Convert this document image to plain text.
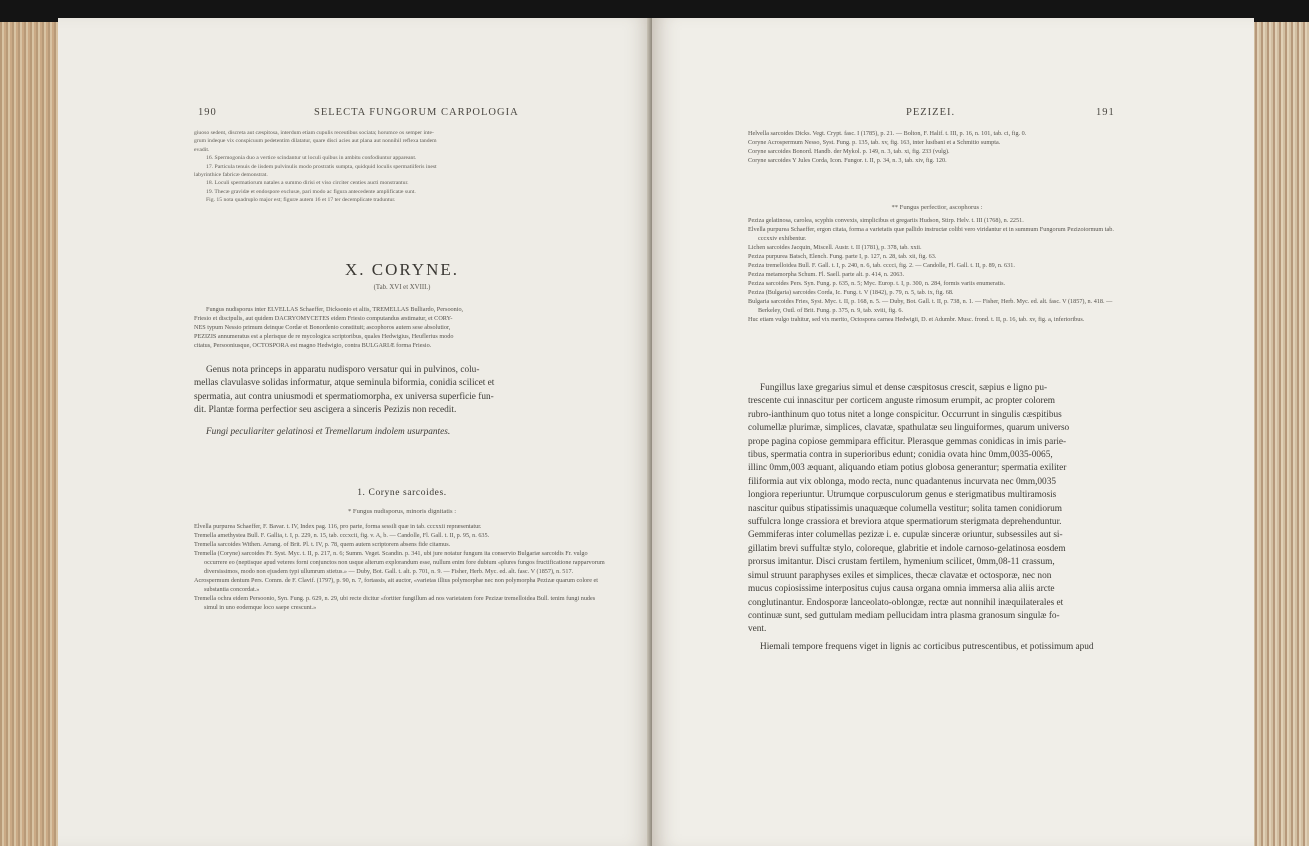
190	SELECTA FUNGORUM CARPOLOGIA

giuoso sedent, discreta aut cæspitosa, interdum etiam cupulis receutibus sociata; horumce os semper inte-

grum indeque vix conspicuum pedetentim dilatatur, quare disci acies aut plana aut nonnihil reflexa tandem

evadit.

16. Spermogonia duo a vertice scindantur ut loculi quibus in ambitu confodiuntur appareant.

17. Particula tenuis de iisdem pulvinulis modo prostratis sumpta, quidquid loculis spermatiiferis inest

labyrinthice fabricæ demonstrat.

18. Loculi spermatiorum natales a summo dirisi et viso circiter centies aucti monstrantur.

19. Thecæ gravidæ et endospore exclusæ, pari modo ac figura antecedente amplificatæ sunt.

Fig. 15 nota quadruplo major est; figuræ autem 16 et 17 ter decemplicate traduntur.

X. CORYNE.
(Tab. XVI et XVIII.)

Fungus nudisporus inter ELVELLAS Schaeffer, Dicksonio et aliis, TREMELLAS Bulliardo, Persoonio,

Friesio et discipulis, aut quidem DACRYOMYCETES eidem Friesio computandus æstimatur, et CORY-

NES typum Nessio primum deinque Cordæ et Bonordenio constituit; ascophoros autem sese absolutior,

PEZIZIS annumeratus est a plerisque de re mycologica scriptoribus, quales Hedwigius, Heuflerius modo

citatus, Persooniusque, OCTOSPORA est magno Hedwigio, contra BULGARIÆ forma Friesio.

Genus nota princeps in apparatu nudisporo versatur qui in pulvinos, colu-

mellas clavulasve solidas informatur, atque seminula biformia, conidia scilicet et

spermatia, aut contra uniusmodi et spermatiomorpha, ex universa superficie fun-

dit. Plantæ forma perfectior seu ascigera a sinceris Pezizis non recedit.

Fungi peculiariter gelatinosi et Tremellarum indolem usurpantes.

1. Coryne sarcoides.
* Fungus nudisporus, minoris dignitatis :

Elvella purpurea Schaeffer, F. Bavar. t. IV, Index pag. 116, pro parte, forma sessili quæ in tab. cccxxii repræsentatur.

Tremella amethystea Bull. F. Gallia, t. I, p. 229, n. 15, tab. cccxcii, fig. v. A, b. — Candolle, Fl. Gall. t. II, p. 95, n. 635.

Tremella sarcoides Withen. Arrang. of Brit. Pl. t. IV, p. 78, quem autem scriptorem absens fide citamus.

Tremella (Coryne) sarcoides Fr. Syst. Myc. t. II, p. 217, n. 6; Summ. Veget. Scandin. p. 341, ubi jure notatur fungum ita conservio Bulgariæ sarcoidis Fr. vulgo occurrere eo (neptisque apud veteres forni conjunctos non usque alterum explorandum esse, nullum enim fore dubium «plures fungos fructificatione rapparvorum diversissimos, modo non ejusdem typi ullumrum stietus.» — Duby, Bot. Gall. t. alt. p. 701, n. 9. — Fisher, Herb. Myc. ed. alt. fasc. V (1857), n. 517.

Acrospermum dentum Pers. Comm. de F. Clavif. (1797), p. 90, n. 7, fortassis, ait auctor, «varietas illius polymorphæ nec non polymorpha Pezizæ quarum colore et substantia concordat.»

Tremella ochra eidem Persoonio, Syn. Fung. p. 629, n. 29, ubi recte dicitur «fortiter fungillum ad nos varietatem fore Pezizæ tremelloidea Bull. tenim fungi nudes simul in uno eodemque loco saepe crescunt.»

PEZIZEI.	191

Helvella sarcoides Dicks. Vegt. Crypt. fasc. I (1785), p. 21. — Bolton, F. Halif. t. III, p. 16, n. 101, tab. ci, fig. 0.

Coryne Acrospermum Nesso, Syst. Fung. p. 135, tab. xv, fig. 163, inter lusibani et a Schmitio sumpta.

Coryne sarcoides Bonord. Handb. der Mykol. p. 149, n. 3, tab. xi, fig. 233 (vulg).

Coryne sarcoides Y Jules Corda, Icon. Fungor. t. II, p. 34, n. 3, tab. xiv, fig. 120.

** Fungus perfectior, ascophorus :

Peziza gelatinosa, carolea, scyphis convexis, simplicibus et gregariis Hudson, Stirp. Helv. t. III (1768), n. 2251.

Elvella purpurea Schaeffer, ergon citata, forma a varietatis quæ pallido instructæ colibi vero viridantur et in summum Fungorum Pezizoiormum tab. cccxxiv exhibentur.

Lichen sarcoides Jacquin, Miscell. Austr. t. II (1781), p. 378, tab. xxii.

Peziza purpurea Batsch, Elench. Fung. parte I, p. 127, n. 28, tab. xii, fig. 63.

Peziza tremelloidea Bull. F. Gall. t. I, p. 240, n. 6, tab. cccci, fig. 2. — Candolle, Fl. Gall. t. II, p. 89, n. 631.

Peziza metamorpha Schum. Fl. Saell. parte alt. p. 414, n. 2063.

Peziza sarcoides Pers. Syn. Fung. p. 635, n. 5; Myc. Europ. t. I, p. 300, n. 284, formis variis enumeratis.

Peziza (Bulgaria) sarcoides Corda, Ic. Fung. t. V (1842), p. 79, n. 5, tab. ix, fig. 68.

Bulgaria sarcoides Fries, Syst. Myc. t. II, p. 168, n. 5. — Duby, Bot. Gall. t. II, p. 738, n. 1. — Fisher, Herb. Myc. ed. alt. fasc. V (1857), n. 418. — Berkeley, Outl. of Brit. Fung. p. 375, n. 9, tab. xviii, fig. 6.

Huc etiam vulgo trahitur, sed vix merito, Octospora carnea Hedwigii, D. et Adumbr. Musc. frond. t. II, p. 16, tab. xv, fig. a, inferioribus.

Fungillus laxe gregarius simul et dense cæspitosus crescit, sæpius e ligno pu-

trescente cui innascitur per corticem anguste rimosum erumpit, ac propter colorem

rubro-ianthinum quo totus nitet a longe conspicitur. Occurrunt in singulis cæspitibus

columellæ plurimæ, simplices, clavatæ, spathulatæ seu linguiformes, quarum universo

prope pagina copiose gemmipara efficitur. Plerasque gemmas conidicas in imis parie-

tibus, spermatia contra in superioribus edunt; conidia ovata hinc 0mm,0035-0065,

illinc 0mm,003 æquant, aliquando etiam potius globosa generantur; spermatia exiliter

filiformia aut vix oblonga, modo recta, nunc quadantenus incurvata nec 0mm,0035

longiora reperiuntur. Utrumque corpusculorum genus e sterigmatibus multiramosis

nascitur quibus stipatissimis unaquæque columella vestitur; solita tamen conidiorum

suffulcra longe crassiora et breviora atque spermatiorum sterigmata deprehenduntur.

Gemmiferas inter columellas pezizæ i. e. cupulæ sinceræ oriuntur, subsessiles aut si-

gillatim brevi suffultæ stylo, coloreque, glabritie et indole carnoso-gelatinosa eosdem

prorsus imitantur. Disci crustam fertilem, hymenium scilicet, 0mm,08-11 crassum,

simul struunt paraphyses exiles et simplices, thecæ clavatæ et octosporæ, nec non

mucus copiosissime interpositus cujus causa organa omnia immersa alia aliis arcte

conglutinantur. Endosporæ lanceolato-oblongæ, rectæ aut nonnihil inæquilaterales et

continuæ sunt, sed guttulam mediam pellucidam intra plasma granosum singulæ fo-

vent.

Hiemali tempore frequens viget in lignis ac corticibus putrescentibus, et potissimum apud
